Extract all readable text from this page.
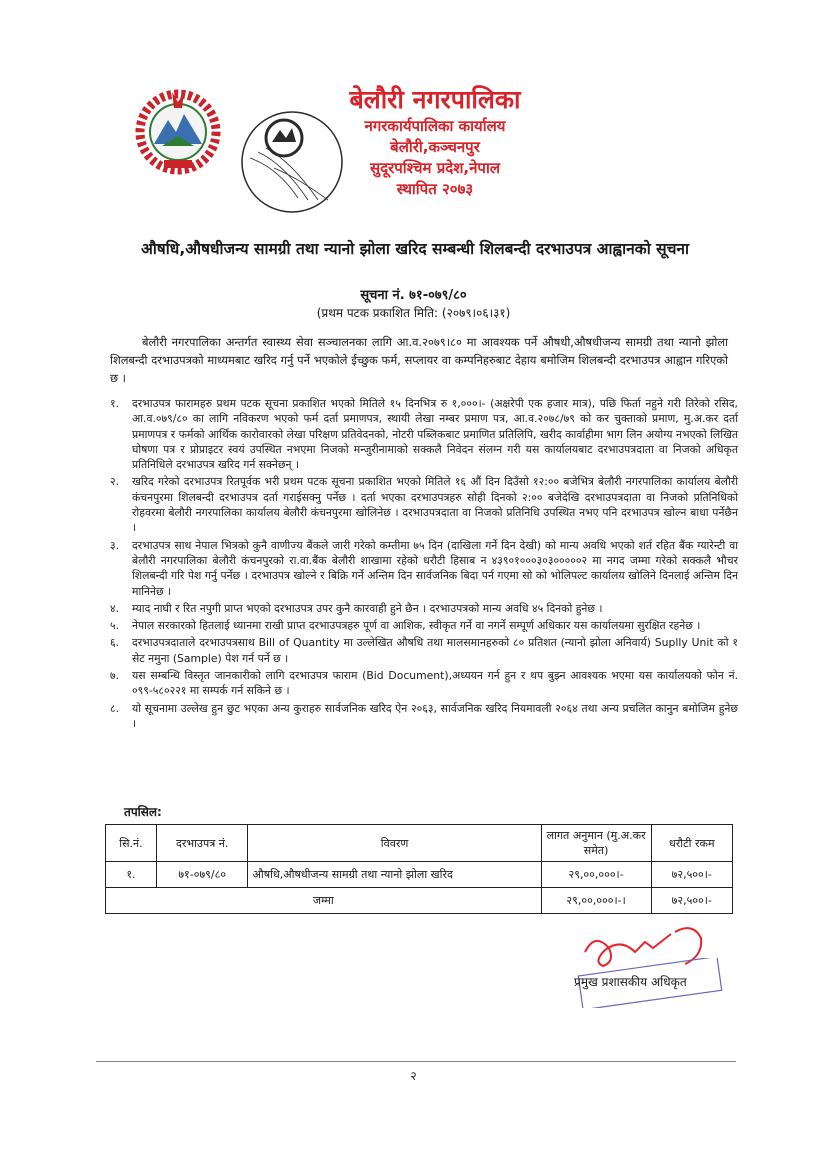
बेलौरी नगरपालिका
नगरकार्यपालिका कार्यालय
बेलौरी,कञ्चनपुर
सुदूरपश्चिम प्रदेश,नेपाल
स्थापित २०७३
औषधि,औषधीजन्य सामग्री तथा न्यानो झोला खरिद सम्बन्धी शिलबन्दी दरभाउपत्र आह्वानको सूचना
सूचना नं. ७१-०७९/८०
(प्रथम पटक प्रकाशित मिति: (२०७९।०६।३१)
बेलौरी नगरपालिका अन्तर्गत स्वास्थ्य सेवा सञ्चालनका लागि आ.व.२०७९।८० मा आवश्यक पर्ने औषधी,औषधीजन्य सामग्री तथा न्यानो झोला शिलबन्दी दरभाउपत्रको माध्यमबाट खरिद गर्नु पर्ने भएकोले ईच्छुक फर्म, सप्लायर वा कम्पनिहरुबाट देहाय बमोजिम शिलबन्दी दरभाउपत्र आह्वान गरिएको छ ।
१. दरभाउपत्र फारामहरु प्रथम पटक सूचना प्रकाशित भएको मितिले १५ दिनभित्र रु १,०००।- (अक्षरेपी एक हजार मात्र), पछि फिर्ता नहुने गरी तिरेको रसिद, आ.व.०७९/८० का लागि नविकरण भएको फर्म दर्ता प्रमाणपत्र, स्थायी लेखा नम्बर प्रमाण पत्र, आ.व.२०७८/७९ को कर चुक्ताको प्रमाण, मु.अ.कर दर्ता प्रमाणपत्र र फर्मको आर्थिक कारोवारको लेखा परिक्षण प्रतिवेदनको, नोटरी पब्लिकबाट प्रमाणित प्रतिलिपि, खरीद कार्वाहीमा भाग लिन अयोग्य नभएको लिखित घोषणा पत्र र प्रोप्राइटर स्वयं उपस्थित नभएमा निजको मन्जुरीनामाको सक्कलै निवेदन संलग्न गरी यस कार्यालयबाट दरभाउपत्रदाता वा निजको अधिकृत प्रतिनिधिले दरभाउपत्र खरिद गर्न सक्नेछन् ।
२. खरिद गरेको दरभाउपत्र रितपूर्वक भरी प्रथम पटक सूचना प्रकाशित भएको मितिले १६ औं दिन दिउँसो १२:०० बजेभित्र बेलौरी नगरपालिका कार्यालय बेलौरी कंचनपुरमा शिलबन्दी दरभाउपत्र दर्ता गराईसक्नु पर्नेछ । दर्ता भएका दरभाउपत्रहरु सोही दिनको २:०० बजेदेखि दरभाउपत्रदाता वा निजको प्रतिनिधिको रोहवरमा बेलौरी नगरपालिका कार्यालय बेलौरी कंचनपुरमा खोलिनेछ । दरभाउपत्रदाता वा निजको प्रतिनिधि उपस्थित नभए पनि दरभाउपत्र खोल्न बाधा पर्नेछैन ।
३. दरभाउपत्र साथ नेपाल भित्रको कुनै वाणीज्य बैंकले जारी गरेको कम्तीमा ७५ दिन (दाखिला गर्ने दिन देखी) को मान्य अवधि भएको शर्त रहित बैंक ग्यारेन्टी वा बेलौरी नगरपालिका बेलौरी कंचनपुरको रा.वा.बैंक बेलौरी शाखामा रहेको धरौटी हिसाब न ४३९०१०००३०३०००००२ मा नगद जम्मा गरेको सक्कलै भौचर शिलबन्दी गरि पेश गर्नु पर्नेछ । दरभाउपत्र खोल्ने र बिक्रि गर्ने अन्तिम दिन सार्वजनिक बिदा पर्न गएमा सो को भोलिपल्ट कार्यालय खोलिने दिनलाई अन्तिम दिन मानिनेछ ।
४. म्याद नाघी र रित नपुगी प्राप्त भएको दरभाउपत्र उपर कुनै कारवाही हुने छैन । दरभाउपत्रको मान्य अवधि ४५ दिनको हुनेछ ।
५. नेपाल सरकारको हितलाई ध्यानमा राखी प्राप्त दरभाउपत्रहरु पूर्ण वा आशिक, स्वीकृत गर्ने वा नगर्ने सम्पूर्ण अधिकार यस कार्यालयमा सुरक्षित रहनेछ ।
६. दरभाउपत्रदाताले दरभाउपत्रसाथ Bill of Quantity मा उल्लेखित औषधि तथा मालसमानहरुको ८० प्रतिशत (न्यानो झोला अनिवार्य) Suplly Unit को १ सेट नमुना (Sample) पेश गर्न पर्ने छ ।
७. यस सम्बन्धि विस्तृत जानकारीको लागि दरभाउपत्र फाराम (Bid Document),अध्ययन गर्न हुन र थप बुझ्न आवश्यक भएमा यस कार्यालयको फोन नं. ०९९-५८०२२१ मा सम्पर्क गर्न सकिने छ ।
८. यो सूचनामा उल्लेख हुन छुट भएका अन्य कुराहरु सार्वजनिक खरिद ऐन २०६३, सार्वजनिक खरिद नियमावली २०६४ तथा अन्य प्रचलित कानुन बमोजिम हुनेछ ।
तपसिल:
सि.नं.	दरभाउपत्र नं.	विवरण	लागत अनुमान (मु.अ.कर समेत)	धरौटी रकम
१.	७१-०७९/८०	औषधि,औषधीजन्य सामग्री तथा न्यानो झोला खरिद	२९,००,०००।-	७२,५००।-
जम्मा			२९,००,०००।-।	७२,५००।-
प्रमुख प्रशासकीय अधिकृत
२
